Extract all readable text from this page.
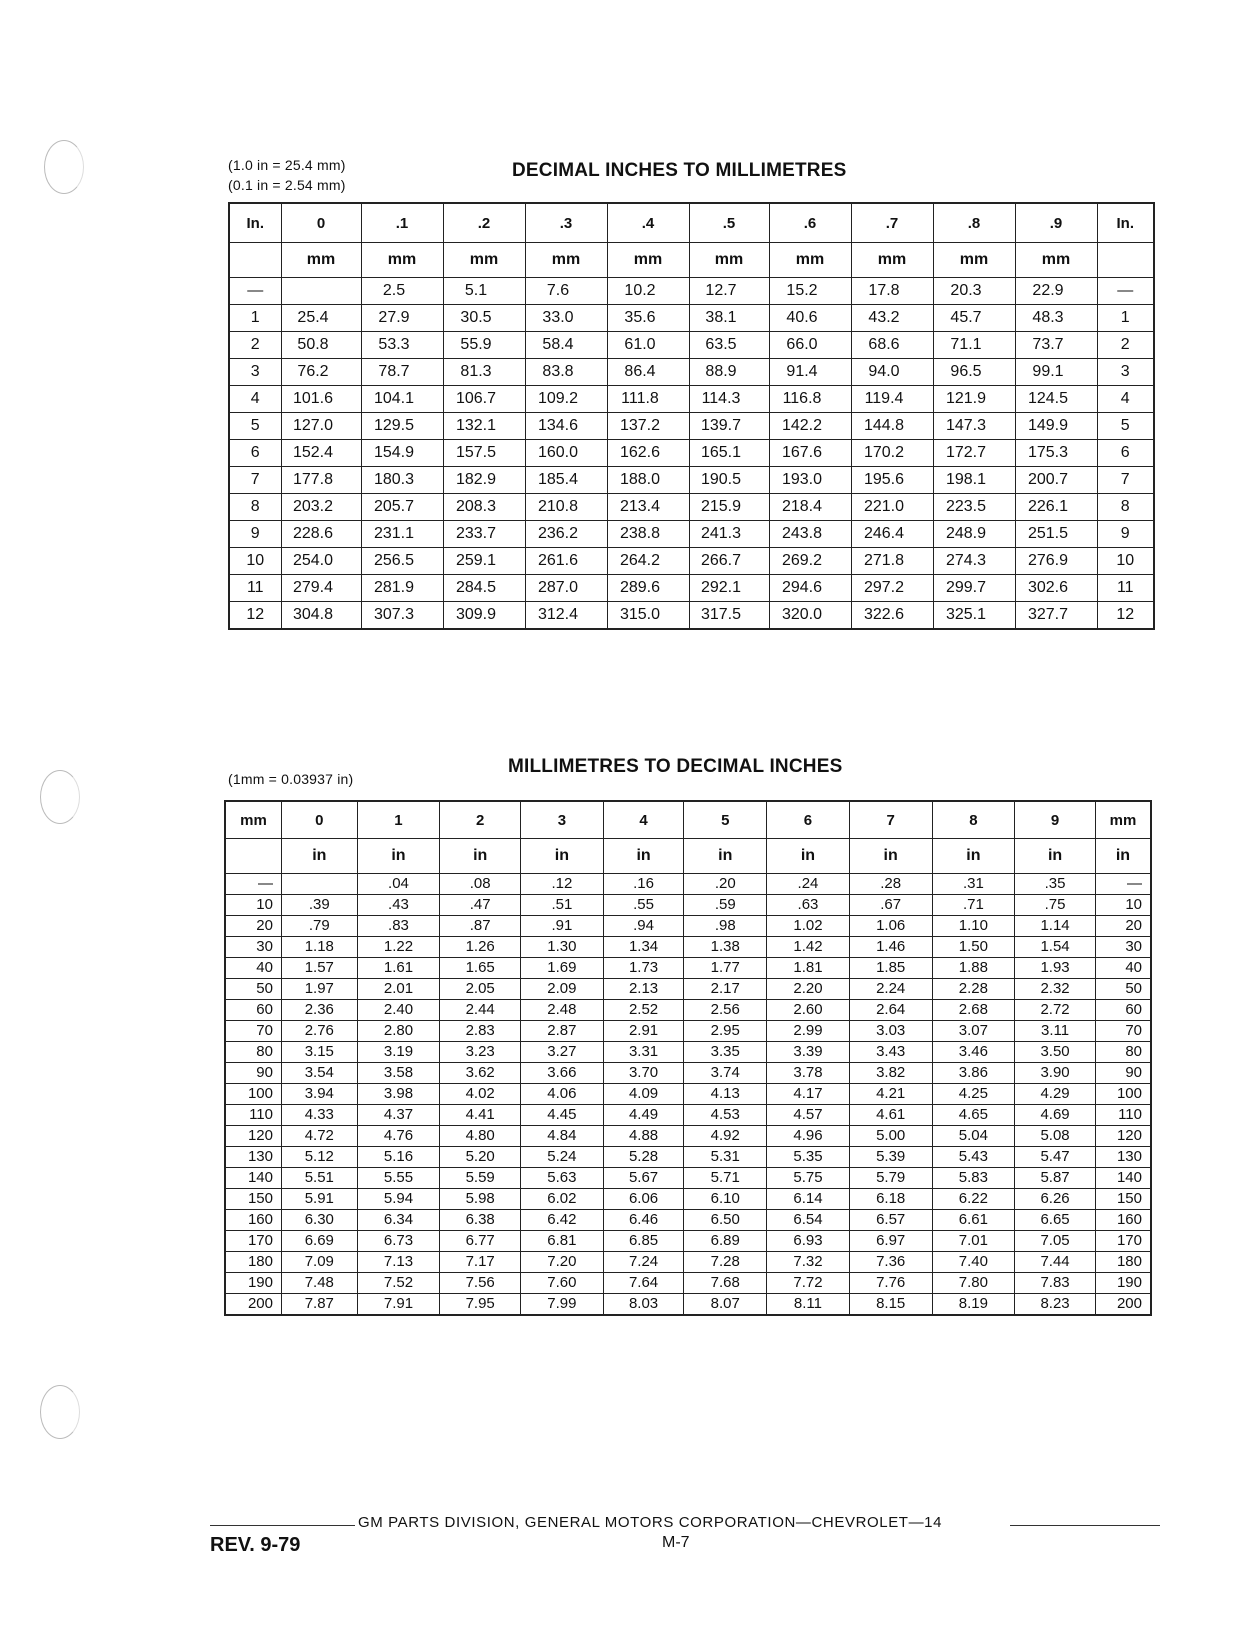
(1.0 in = 25.4 mm)
(0.1 in = 2.54 mm)
DECIMAL INCHES TO MILLIMETRES
In.	0	.1	.2	.3	.4	.5	.6	.7	.8	.9	In.
	mm	mm	mm	mm	mm	mm	mm	mm	mm	mm	
—		2.5	5.1	7.6	10.2	12.7	15.2	17.8	20.3	22.9	—
1	25.4	27.9	30.5	33.0	35.6	38.1	40.6	43.2	45.7	48.3	1
2	50.8	53.3	55.9	58.4	61.0	63.5	66.0	68.6	71.1	73.7	2
3	76.2	78.7	81.3	83.8	86.4	88.9	91.4	94.0	96.5	99.1	3
4	101.6	104.1	106.7	109.2	111.8	114.3	116.8	119.4	121.9	124.5	4
5	127.0	129.5	132.1	134.6	137.2	139.7	142.2	144.8	147.3	149.9	5
6	152.4	154.9	157.5	160.0	162.6	165.1	167.6	170.2	172.7	175.3	6
7	177.8	180.3	182.9	185.4	188.0	190.5	193.0	195.6	198.1	200.7	7
8	203.2	205.7	208.3	210.8	213.4	215.9	218.4	221.0	223.5	226.1	8
9	228.6	231.1	233.7	236.2	238.8	241.3	243.8	246.4	248.9	251.5	9
10	254.0	256.5	259.1	261.6	264.2	266.7	269.2	271.8	274.3	276.9	10
11	279.4	281.9	284.5	287.0	289.6	292.1	294.6	297.2	299.7	302.6	11
12	304.8	307.3	309.9	312.4	315.0	317.5	320.0	322.6	325.1	327.7	12
MILLIMETRES TO DECIMAL INCHES
(1mm = 0.03937 in)
mm	0	1	2	3	4	5	6	7	8	9	mm
	in	in	in	in	in	in	in	in	in	in	in
—		.04	.08	.12	.16	.20	.24	.28	.31	.35	—
10	.39	.43	.47	.51	.55	.59	.63	.67	.71	.75	10
20	.79	.83	.87	.91	.94	.98	1.02	1.06	1.10	1.14	20
30	1.18	1.22	1.26	1.30	1.34	1.38	1.42	1.46	1.50	1.54	30
40	1.57	1.61	1.65	1.69	1.73	1.77	1.81	1.85	1.88	1.93	40
50	1.97	2.01	2.05	2.09	2.13	2.17	2.20	2.24	2.28	2.32	50
60	2.36	2.40	2.44	2.48	2.52	2.56	2.60	2.64	2.68	2.72	60
70	2.76	2.80	2.83	2.87	2.91	2.95	2.99	3.03	3.07	3.11	70
80	3.15	3.19	3.23	3.27	3.31	3.35	3.39	3.43	3.46	3.50	80
90	3.54	3.58	3.62	3.66	3.70	3.74	3.78	3.82	3.86	3.90	90
100	3.94	3.98	4.02	4.06	4.09	4.13	4.17	4.21	4.25	4.29	100
110	4.33	4.37	4.41	4.45	4.49	4.53	4.57	4.61	4.65	4.69	110
120	4.72	4.76	4.80	4.84	4.88	4.92	4.96	5.00	5.04	5.08	120
130	5.12	5.16	5.20	5.24	5.28	5.31	5.35	5.39	5.43	5.47	130
140	5.51	5.55	5.59	5.63	5.67	5.71	5.75	5.79	5.83	5.87	140
150	5.91	5.94	5.98	6.02	6.06	6.10	6.14	6.18	6.22	6.26	150
160	6.30	6.34	6.38	6.42	6.46	6.50	6.54	6.57	6.61	6.65	160
170	6.69	6.73	6.77	6.81	6.85	6.89	6.93	6.97	7.01	7.05	170
180	7.09	7.13	7.17	7.20	7.24	7.28	7.32	7.36	7.40	7.44	180
190	7.48	7.52	7.56	7.60	7.64	7.68	7.72	7.76	7.80	7.83	190
200	7.87	7.91	7.95	7.99	8.03	8.07	8.11	8.15	8.19	8.23	200
GM PARTS DIVISION, GENERAL MOTORS CORPORATION—CHEVROLET—14
REV. 9-79	M-7
